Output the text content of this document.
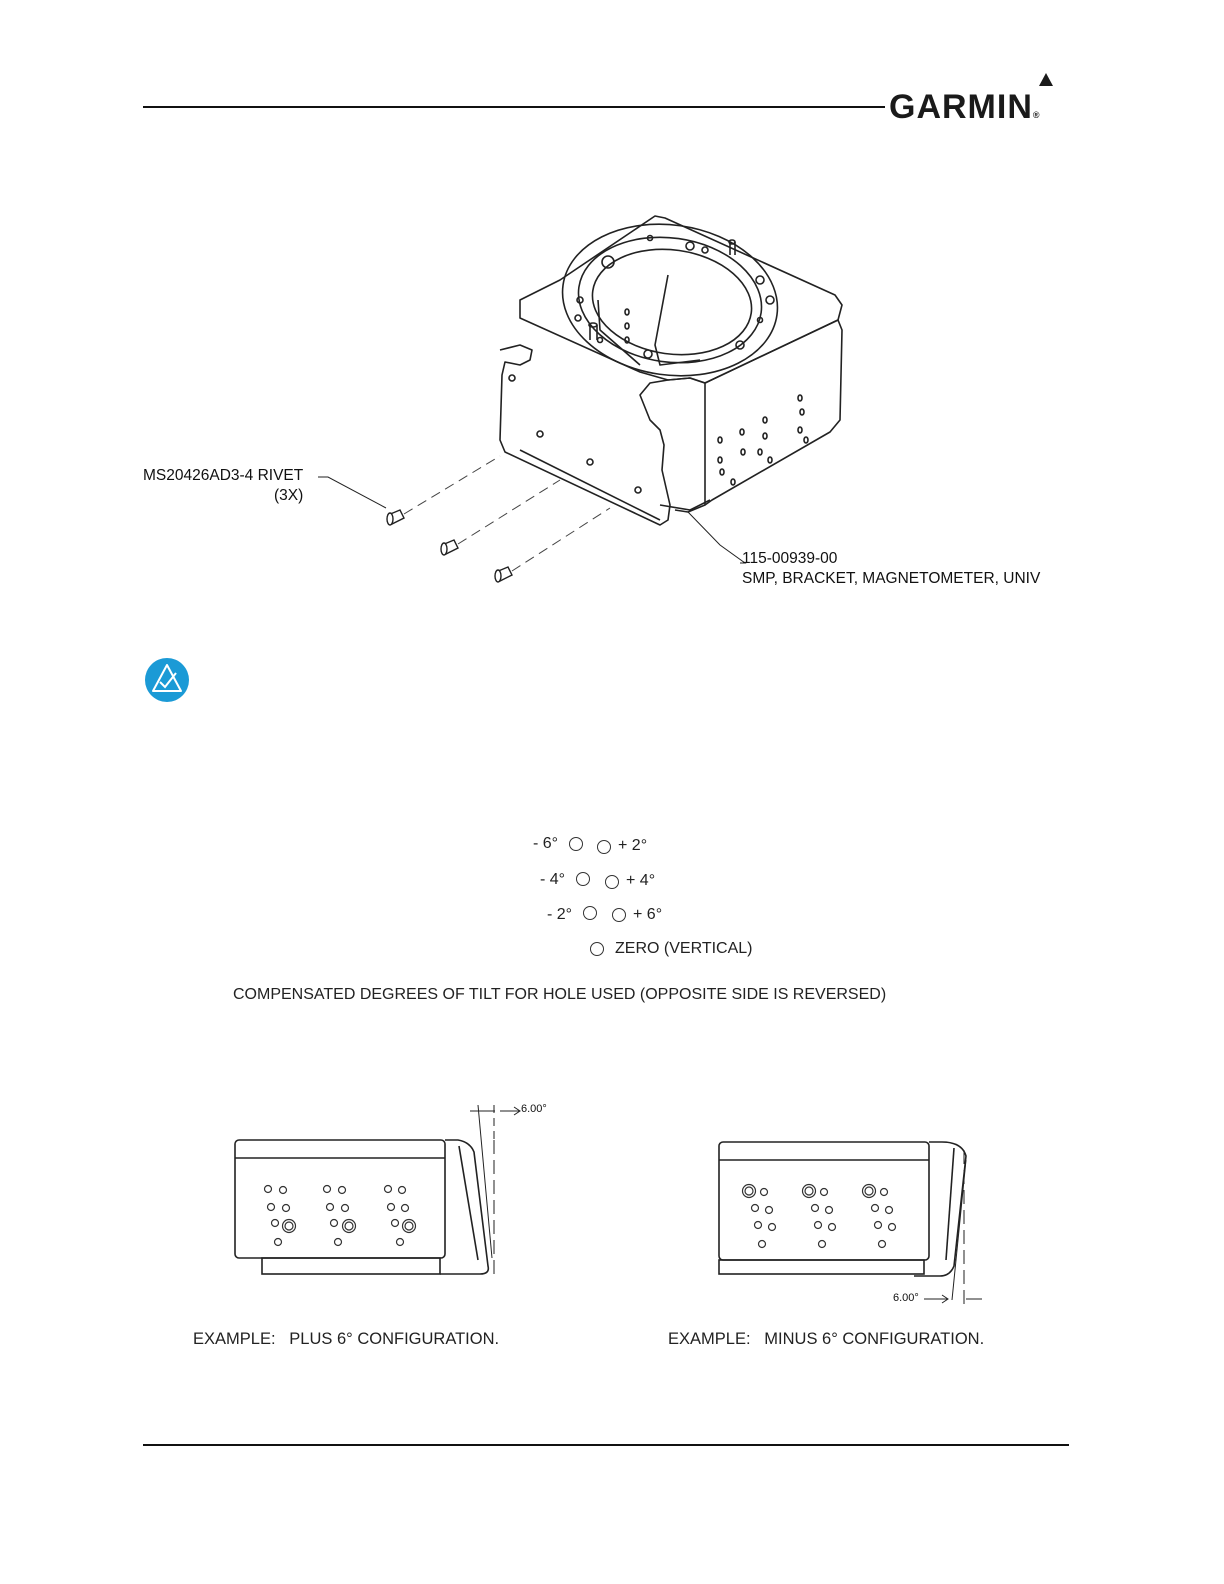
GARMIN®
MS20426AD3-4 RIVET
(3X)
115-00939-00
SMP, BRACKET, MAGNETOMETER, UNIV
- 6°	+ 2°
- 4°	+ 4°
- 2°	+ 6°
ZERO (VERTICAL)
COMPENSATED DEGREES OF TILT FOR HOLE USED (OPPOSITE SIDE IS REVERSED)
6.00°
EXAMPLE:   PLUS 6° CONFIGURATION.
6.00°
EXAMPLE:   MINUS 6° CONFIGURATION.
